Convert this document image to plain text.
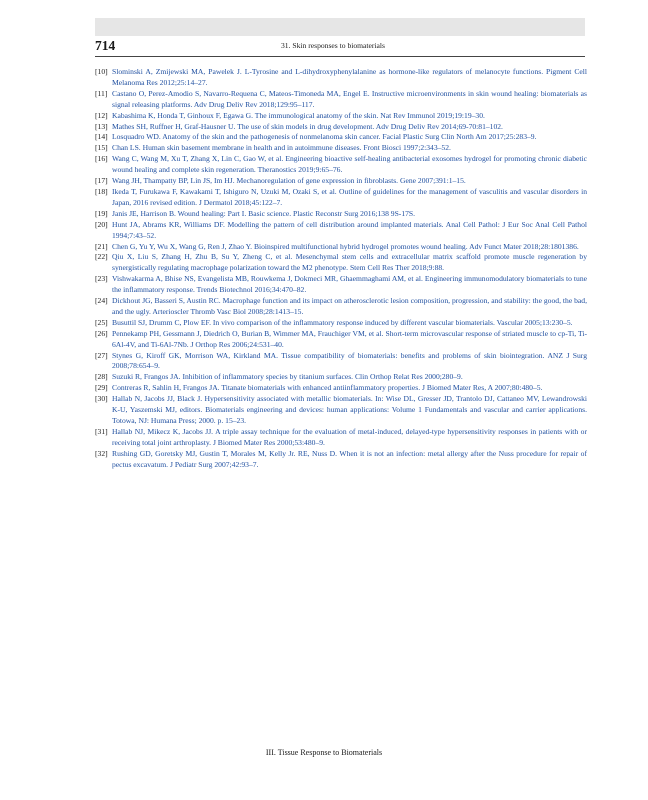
714	31. Skin responses to biomaterials
[10] Slominski A, Zmijewski MA, Pawelek J. L-Tyrosine and L-dihydroxyphenylalanine as hormone-like regulators of melanocyte functions. Pigment Cell Melanoma Res 2012;25:14–27.
[11] Castano O, Perez-Amodio S, Navarro-Requena C, Mateos-Timoneda MA, Engel E. Instructive microenvironments in skin wound healing: biomaterials as signal releasing platforms. Adv Drug Deliv Rev 2018;129:95–117.
[12] Kabashima K, Honda T, Ginhoux F, Egawa G. The immunological anatomy of the skin. Nat Rev Immunol 2019;19:19–30.
[13] Mathes SH, Ruffner H, Graf-Hausner U. The use of skin models in drug development. Adv Drug Deliv Rev 2014;69-70:81–102.
[14] Losquadro WD. Anatomy of the skin and the pathogenesis of nonmelanoma skin cancer. Facial Plastic Surg Clin North Am 2017;25:283–9.
[15] Chan LS. Human skin basement membrane in health and in autoimmune diseases. Front Biosci 1997;2:343–52.
[16] Wang C, Wang M, Xu T, Zhang X, Lin C, Gao W, et al. Engineering bioactive self-healing antibacterial exosomes hydrogel for promoting chronic diabetic wound healing and complete skin regeneration. Theranostics 2019;9:65–76.
[17] Wang JH, Thampatty BP, Lin JS, Im HJ. Mechanoregulation of gene expression in fibroblasts. Gene 2007;391:1–15.
[18] Ikeda T, Furukawa F, Kawakami T, Ishiguro N, Uzuki M, Ozaki S, et al. Outline of guidelines for the management of vasculitis and vascular disorders in Japan, 2016 revised edition. J Dermatol 2018;45:122–7.
[19] Janis JE, Harrison B. Wound healing: Part I. Basic science. Plastic Reconstr Surg 2016;138 9S-17S.
[20] Hunt JA, Abrams KR, Williams DF. Modelling the pattern of cell distribution around implanted materials. Anal Cell Pathol: J Eur Soc Anal Cell Pathol 1994;7:43–52.
[21] Chen G, Yu Y, Wu X, Wang G, Ren J, Zhao Y. Bioinspired multifunctional hybrid hydrogel promotes wound healing. Adv Funct Mater 2018;28:1801386.
[22] Qiu X, Liu S, Zhang H, Zhu B, Su Y, Zheng C, et al. Mesenchymal stem cells and extracellular matrix scaffold promote muscle regeneration by synergistically regulating macrophage polarization toward the M2 phenotype. Stem Cell Res Ther 2018;9:88.
[23] Vishwakarma A, Bhise NS, Evangelista MB, Rouwkema J, Dokmeci MR, Ghaemmaghami AM, et al. Engineering immunomodulatory biomaterials to tune the inflammatory response. Trends Biotechnol 2016;34:470–82.
[24] Dickhout JG, Basseri S, Austin RC. Macrophage function and its impact on atherosclerotic lesion composition, progression, and stability: the good, the bad, and the ugly. Arterioscler Thromb Vasc Biol 2008;28:1413–15.
[25] Busuttil SJ, Drumm C, Plow EF. In vivo comparison of the inflammatory response induced by different vascular biomaterials. Vascular 2005;13:230–5.
[26] Pennekamp PH, Gessmann J, Diedrich O, Burian B, Wimmer MA, Frauchiger VM, et al. Short-term microvascular response of striated muscle to cp-Ti, Ti-6Al-4V, and Ti-6Al-7Nb. J Orthop Res 2006;24:531–40.
[27] Stynes G, Kiroff GK, Morrison WA, Kirkland MA. Tissue compatibility of biomaterials: benefits and problems of skin biointegration. ANZ J Surg 2008;78:654–9.
[28] Suzuki R, Frangos JA. Inhibition of inflammatory species by titanium surfaces. Clin Orthop Relat Res 2000;280–9.
[29] Contreras R, Sahlin H, Frangos JA. Titanate biomaterials with enhanced antiinflammatory properties. J Biomed Mater Res, A 2007;80:480–5.
[30] Hallab N, Jacobs JJ, Black J. Hypersensitivity associated with metallic biomaterials. In: Wise DL, Gresser JD, Trantolo DJ, Cattaneo MV, Lewandrowski K-U, Yaszemski MJ, editors. Biomaterials engineering and devices: human applications: Volume 1 Fundamentals and vascular and carrier applications. Totowa, NJ: Humana Press; 2000. p. 15–23.
[31] Hallab NJ, Mikecz K, Jacobs JJ. A triple assay technique for the evaluation of metal-induced, delayed-type hypersensitivity responses in patients with or receiving total joint arthroplasty. J Biomed Mater Res 2000;53:480–9.
[32] Rushing GD, Goretsky MJ, Gustin T, Morales M, Kelly Jr. RE, Nuss D. When it is not an infection: metal allergy after the Nuss procedure for repair of pectus excavatum. J Pediatr Surg 2007;42:93–7.
III. Tissue Response to Biomaterials
